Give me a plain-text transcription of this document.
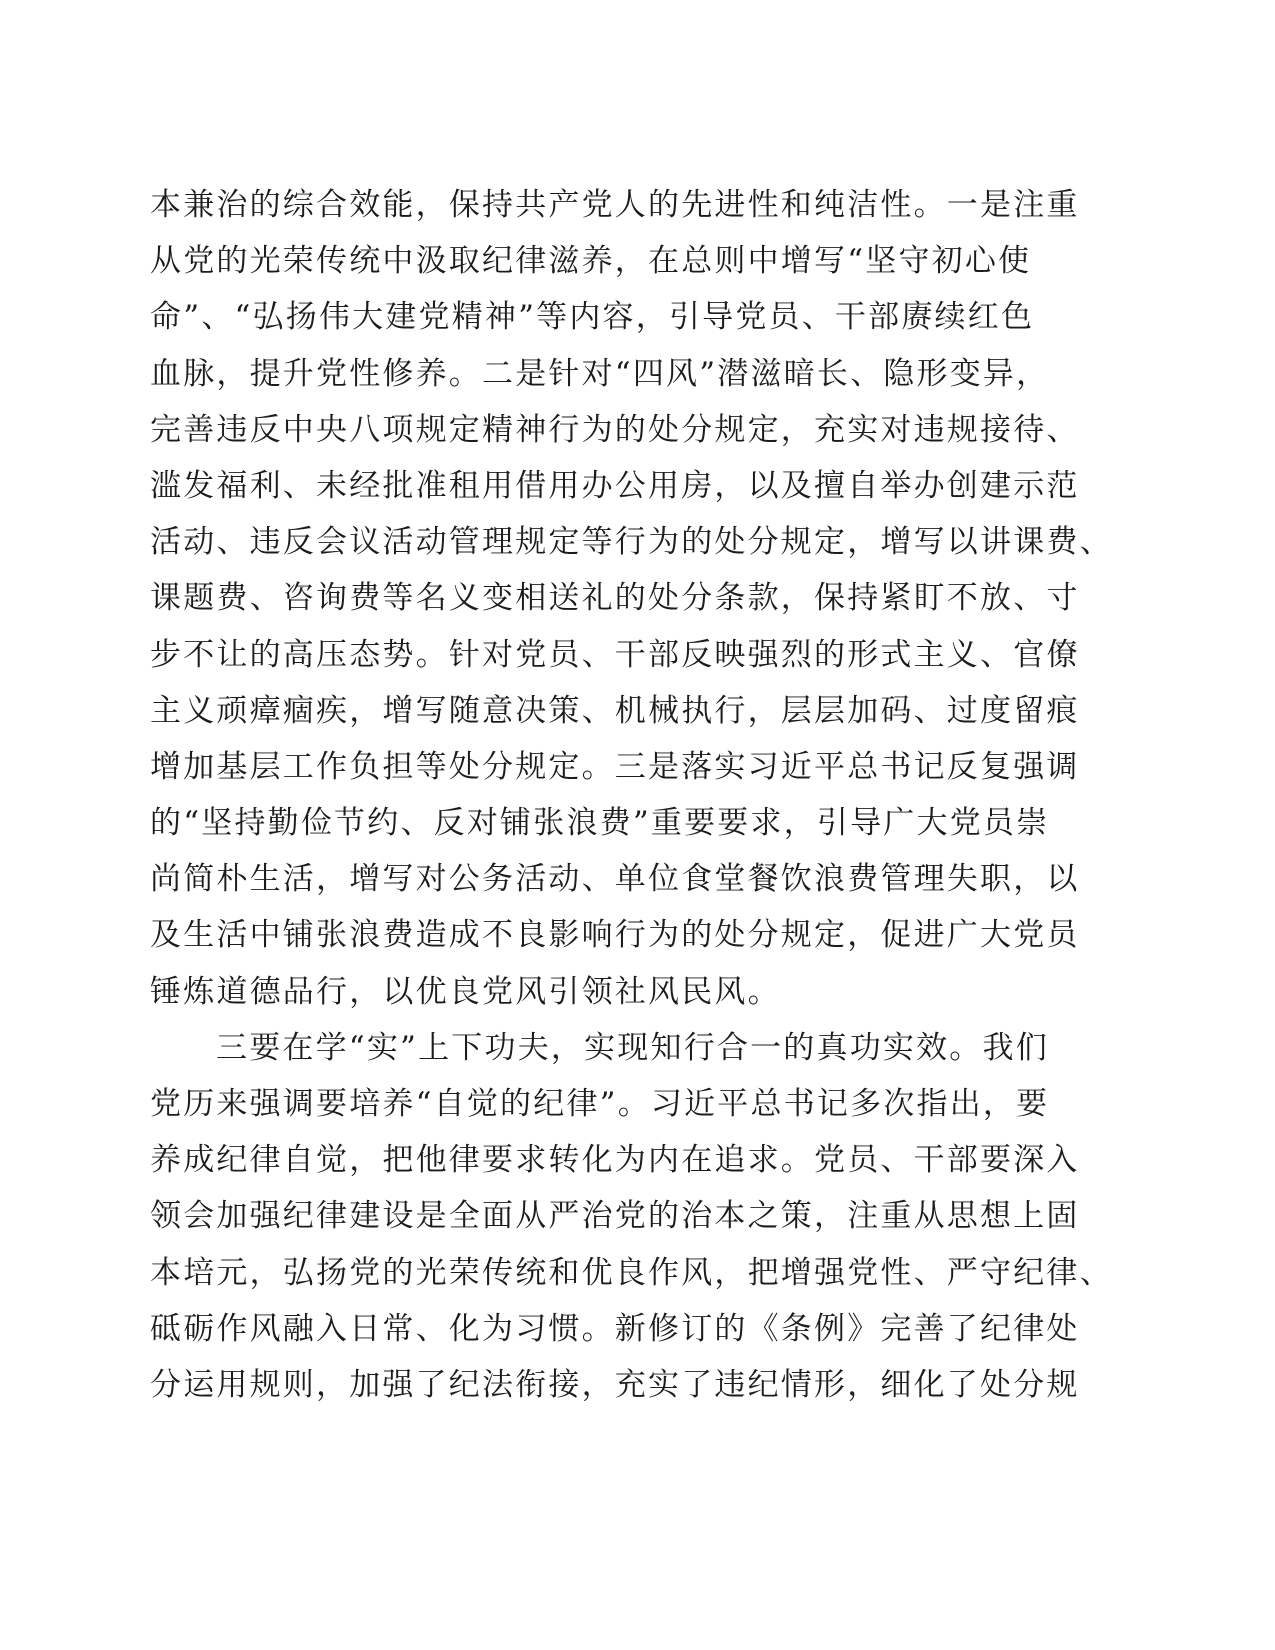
本兼治的综合效能，保持共产党人的先进性和纯洁性。一是注重
从党的光荣传统中汲取纪律滋养，在总则中增写“坚守初心使
命”、“弘扬伟大建党精神”等内容，引导党员、干部赓续红色
血脉，提升党性修养。二是针对“四风”潜滋暗长、隐形变异，
完善违反中央八项规定精神行为的处分规定，充实对违规接待、
滥发福利、未经批准租用借用办公用房，以及擅自举办创建示范
活动、违反会议活动管理规定等行为的处分规定，增写以讲课费、
课题费、咨询费等名义变相送礼的处分条款，保持紧盯不放、寸
步不让的高压态势。针对党员、干部反映强烈的形式主义、官僚
主义顽瘴痼疾，增写随意决策、机械执行，层层加码、过度留痕
增加基层工作负担等处分规定。三是落实习近平总书记反复强调
的“坚持勤俭节约、反对铺张浪费”重要要求，引导广大党员崇
尚简朴生活，增写对公务活动、单位食堂餐饮浪费管理失职，以
及生活中铺张浪费造成不良影响行为的处分规定，促进广大党员
锤炼道德品行，以优良党风引领社风民风。
三要在学“实”上下功夫，实现知行合一的真功实效。我们
党历来强调要培养“自觉的纪律”。习近平总书记多次指出，要
养成纪律自觉，把他律要求转化为内在追求。党员、干部要深入
领会加强纪律建设是全面从严治党的治本之策，注重从思想上固
本培元，弘扬党的光荣传统和优良作风，把增强党性、严守纪律、
砥砺作风融入日常、化为习惯。新修订的《条例》完善了纪律处
分运用规则，加强了纪法衔接，充实了违纪情形，细化了处分规
